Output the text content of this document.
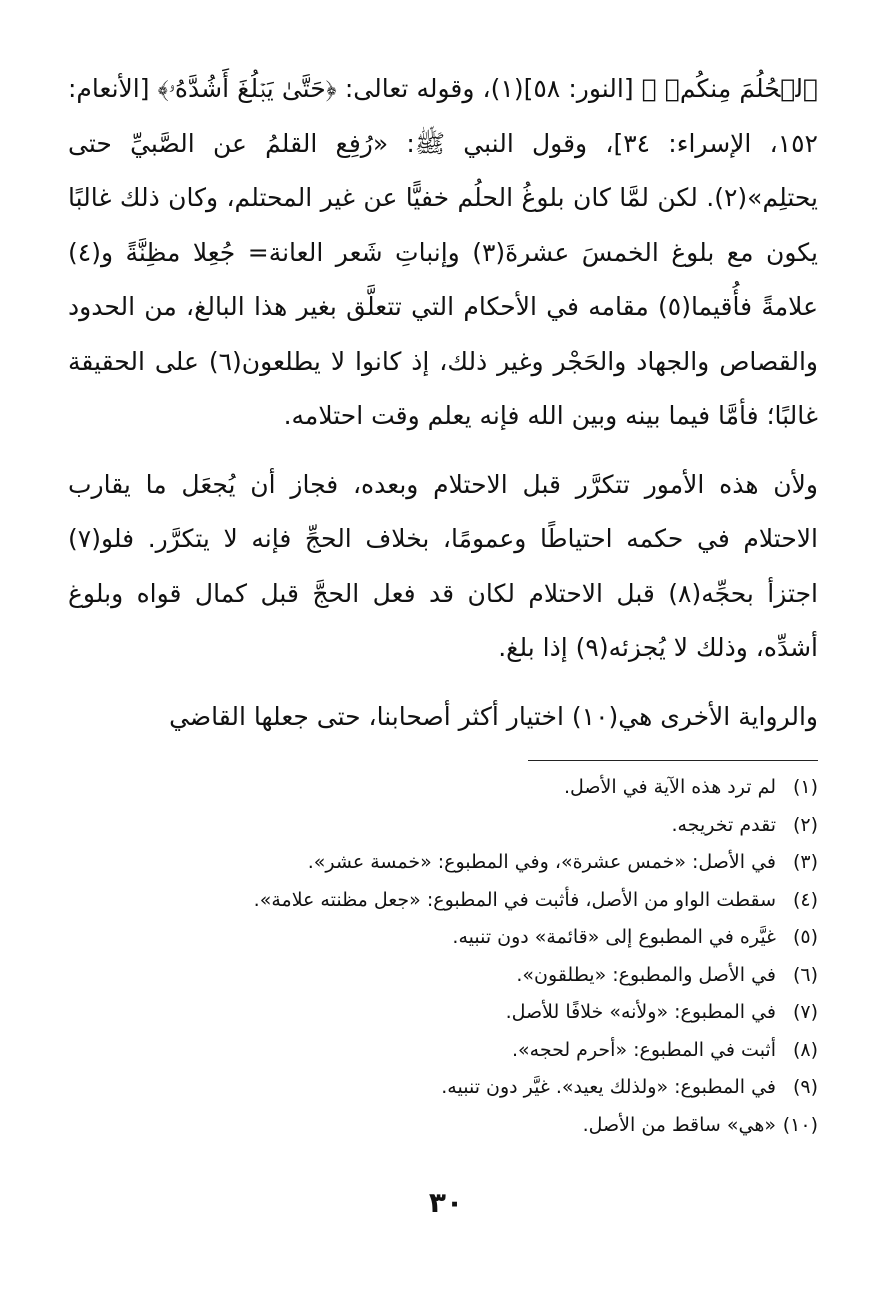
ٱلۡحُلُمَ مِنكُمۡ ﴾ [النور: ٥٨](١)، وقوله تعالى: ﴿حَتَّىٰ يَبۡلُغَ أَشُدَّهُۥ﴾ [الأنعام: ١٥٢، الإسراء: ٣٤]، وقول النبي ﷺ: «رُفِع القلمُ عن الصَّبيِّ حتى يحتلِم»(٢). لكن لمَّا كان بلوغُ الحلُم خفيًّا عن غير المحتلم، وكان ذلك غالبًا يكون مع بلوغ الخمسَ عشرةَ(٣) وإنباتِ شَعر العانة= جُعِلا مظِنَّةً و(٤) علامةً فأُقيما(٥) مقامه في الأحكام التي تتعلَّق بغير هذا البالغ، من الحدود والقصاص والجهاد والحَجْر وغير ذلك، إذ كانوا لا يطلعون(٦) على الحقيقة غالبًا؛ فأمَّا فيما بينه وبين الله فإنه يعلم وقت احتلامه.

ولأن هذه الأمور تتكرَّر قبل الاحتلام وبعده، فجاز أن يُجعَل ما يقارب الاحتلام في حكمه احتياطًا وعمومًا، بخلاف الحجِّ فإنه لا يتكرَّر. فلو(٧) اجتزأ بحجِّه(٨) قبل الاحتلام لكان قد فعل الحجَّ قبل كمال قواه وبلوغ أشدِّه، وذلك لا يُجزئه(٩) إذا بلغ.

والرواية الأخرى هي(١٠) اختيار أكثر أصحابنا، حتى جعلها القاضي

(١)
لم ترد هذه الآية في الأصل.
(٢)
تقدم تخريجه.
(٣)
في الأصل: «خمس عشرة»، وفي المطبوع: «خمسة عشر».
(٤)
سقطت الواو من الأصل، فأثبت في المطبوع: «جعل مظنته علامة».
(٥)
غيَّره في المطبوع إلى «قائمة» دون تنبيه.
(٦)
في الأصل والمطبوع: «يطلقون».
(٧)
في المطبوع: «ولأنه» خلافًا للأصل.
(٨)
أثبت في المطبوع: «أحرم لحجه».
(٩)
في المطبوع: «ولذلك يعيد». غيَّر دون تنبيه.
(١٠)
«هي» ساقط من الأصل.
٣٠
